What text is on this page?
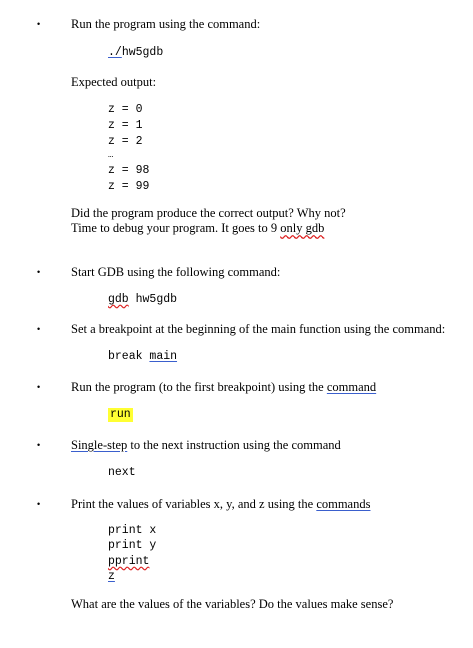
• Run the program using the command:
./hw5gdb
Expected output:
z = 0
z = 1
z = 2
…
z = 98
z = 99
Did the program produce the correct output? Why not?
Time to debug your program. It goes to 9 only gdb
• Start GDB using the following command:
gdb hw5gdb
• Set a breakpoint at the beginning of the main function using the command:
break main
• Run the program (to the first breakpoint) using the command
run
• Single-step to the next instruction using the command
next
• Print the values of variables x, y, and z using the commands
print x
print y
pprint
z
What are the values of the variables? Do the values make sense?
